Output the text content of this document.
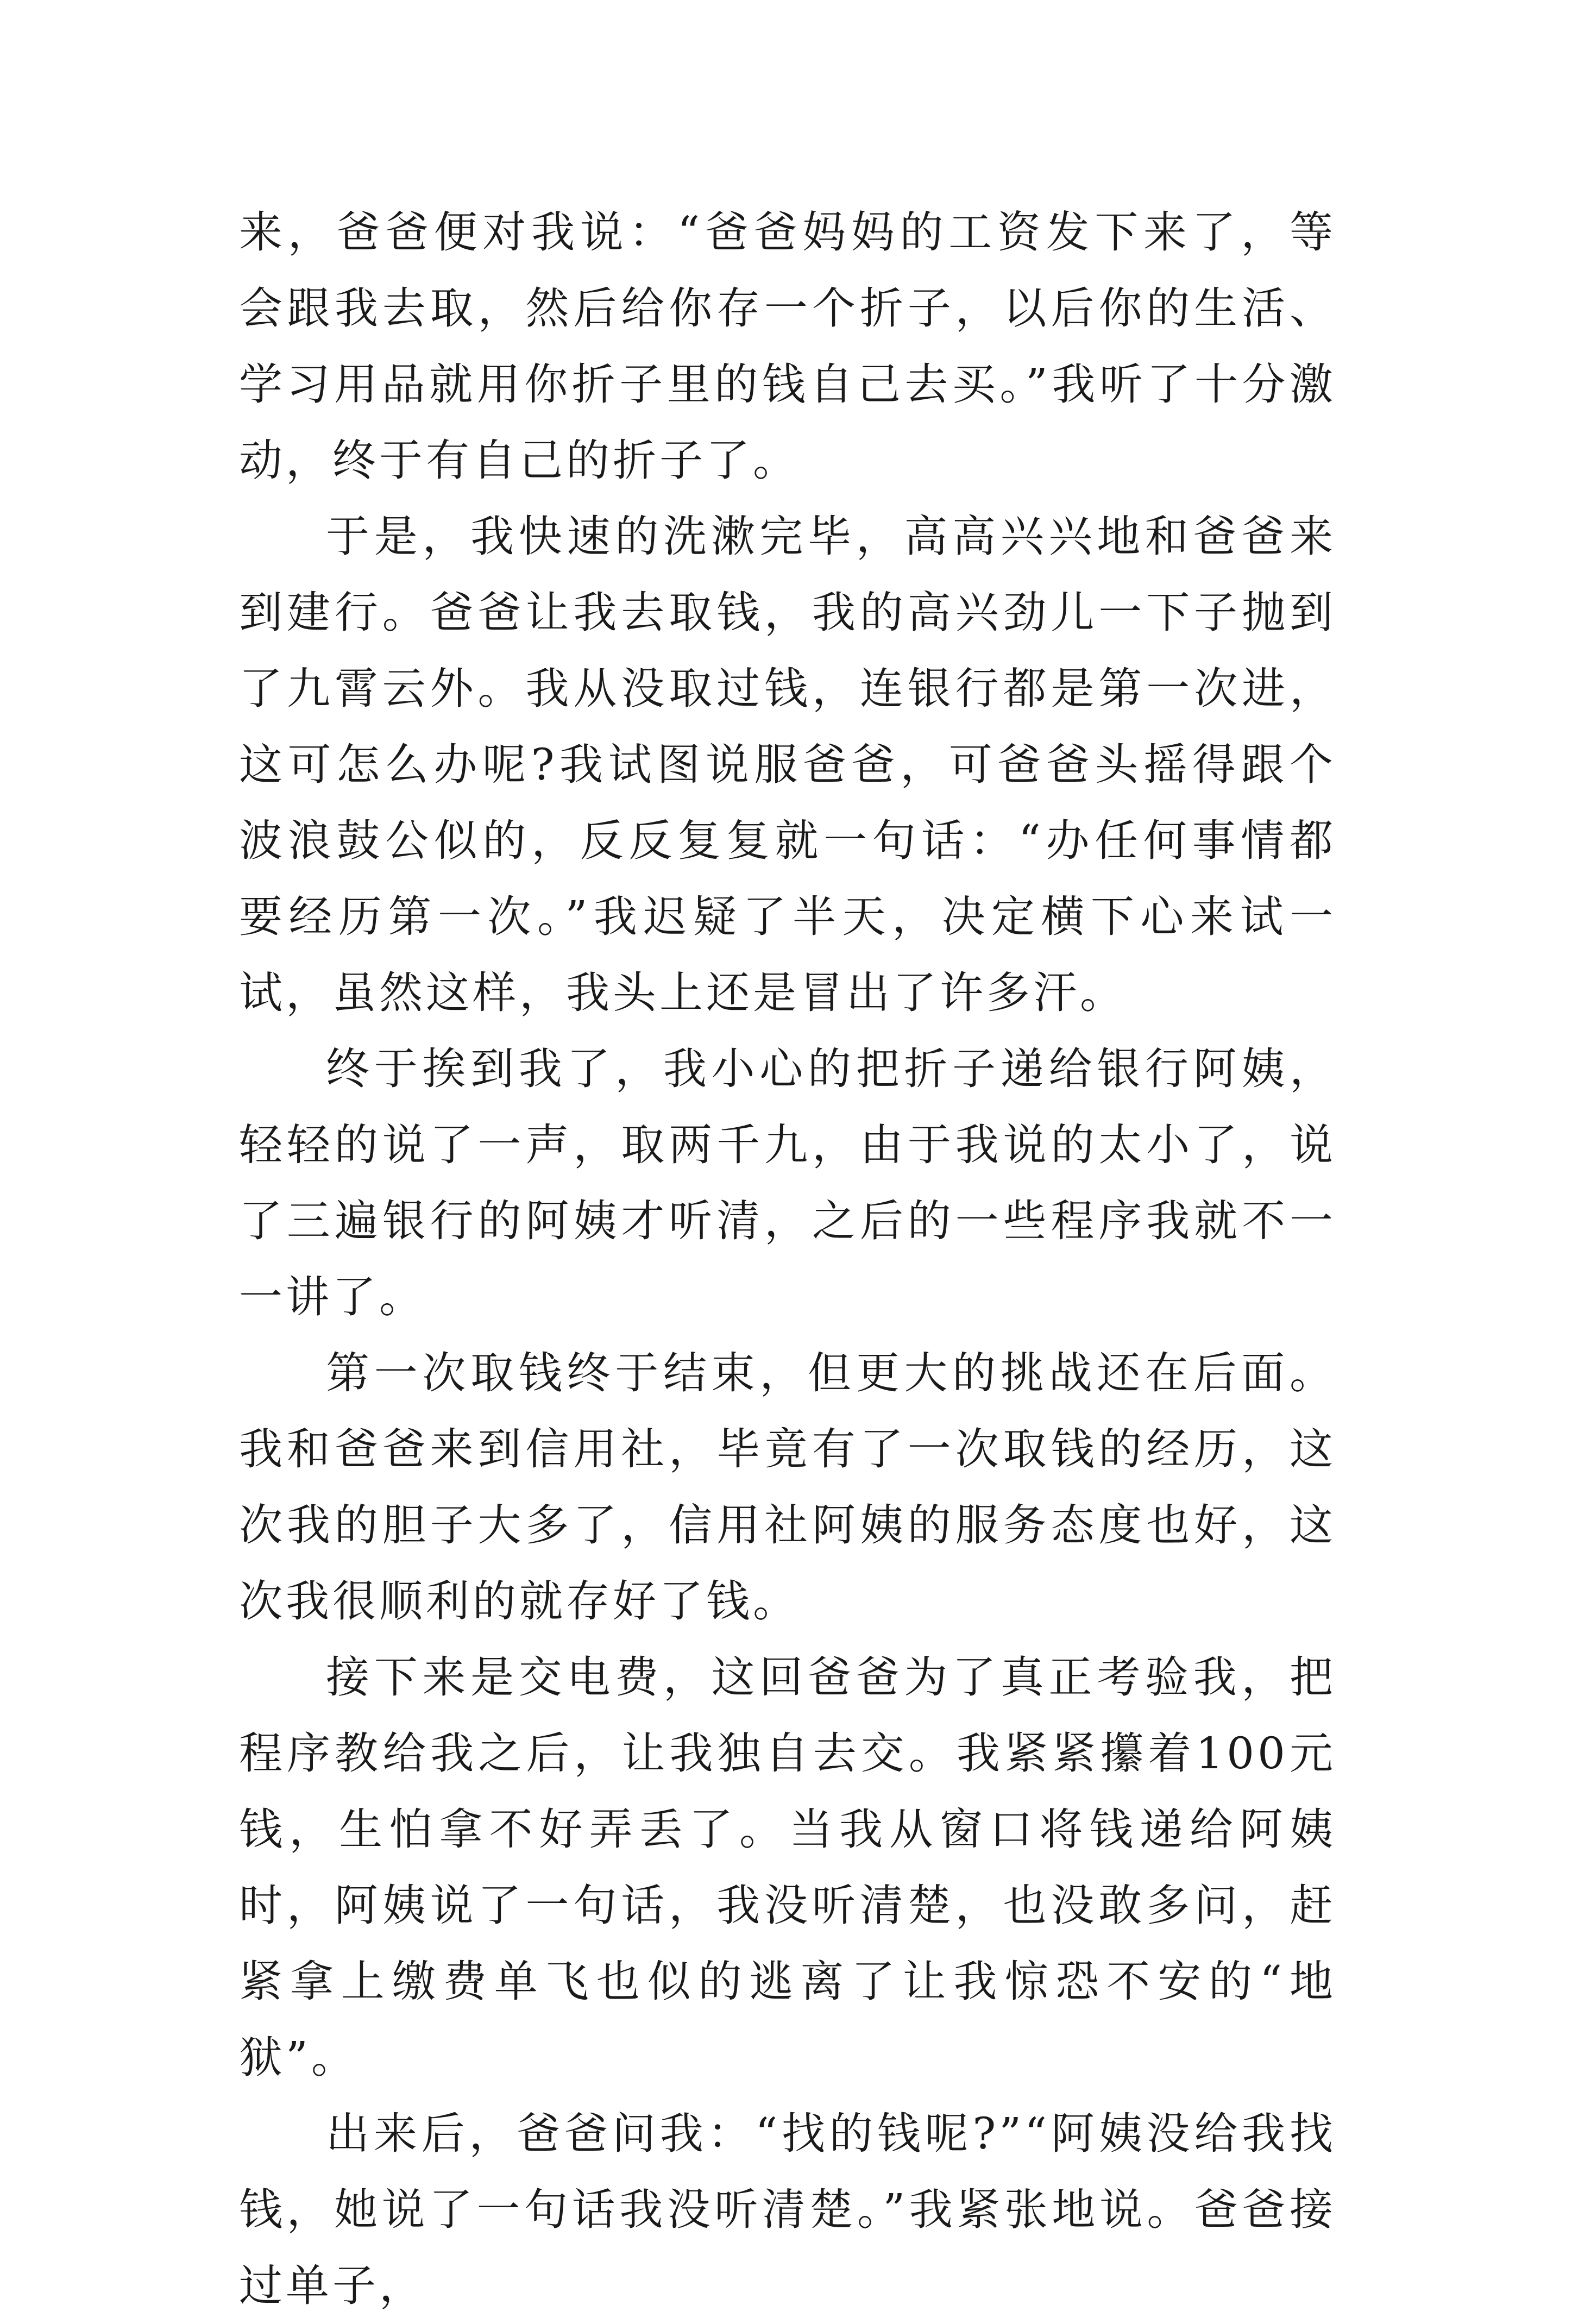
来，爸爸便对我说：“爸爸妈妈的工资发下来了，等会跟我去取，然后给你存一个折子，以后你的生活、学习用品就用你折子里的钱自己去买。”我听了十分激动，终于有自己的折子了。

于是，我快速的洗漱完毕，高高兴兴地和爸爸来到建行。爸爸让我去取钱，我的高兴劲儿一下子抛到了九霄云外。我从没取过钱，连银行都是第一次进，这可怎么办呢?我试图说服爸爸，可爸爸头摇得跟个波浪鼓公似的，反反复复就一句话：“办任何事情都要经历第一次。”我迟疑了半天，决定横下心来试一试，虽然这样，我头上还是冒出了许多汗。

终于挨到我了，我小心的把折子递给银行阿姨，轻轻的说了一声，取两千九，由于我说的太小了，说了三遍银行的阿姨才听清，之后的一些程序我就不一一讲了。

第一次取钱终于结束，但更大的挑战还在后面。我和爸爸来到信用社，毕竟有了一次取钱的经历，这次我的胆子大多了，信用社阿姨的服务态度也好，这次我很顺利的就存好了钱。

接下来是交电费，这回爸爸为了真正考验我，把程序教给我之后，让我独自去交。我紧紧攥着100元钱，生怕拿不好弄丢了。当我从窗口将钱递给阿姨时，阿姨说了一句话，我没听清楚，也没敢多问，赶紧拿上缴费单飞也似的逃离了让我惊恐不安的“地狱”。

出来后，爸爸问我：“找的钱呢?”“阿姨没给我找钱，她说了一句话我没听清楚。”我紧张地说。爸爸接过单子，
